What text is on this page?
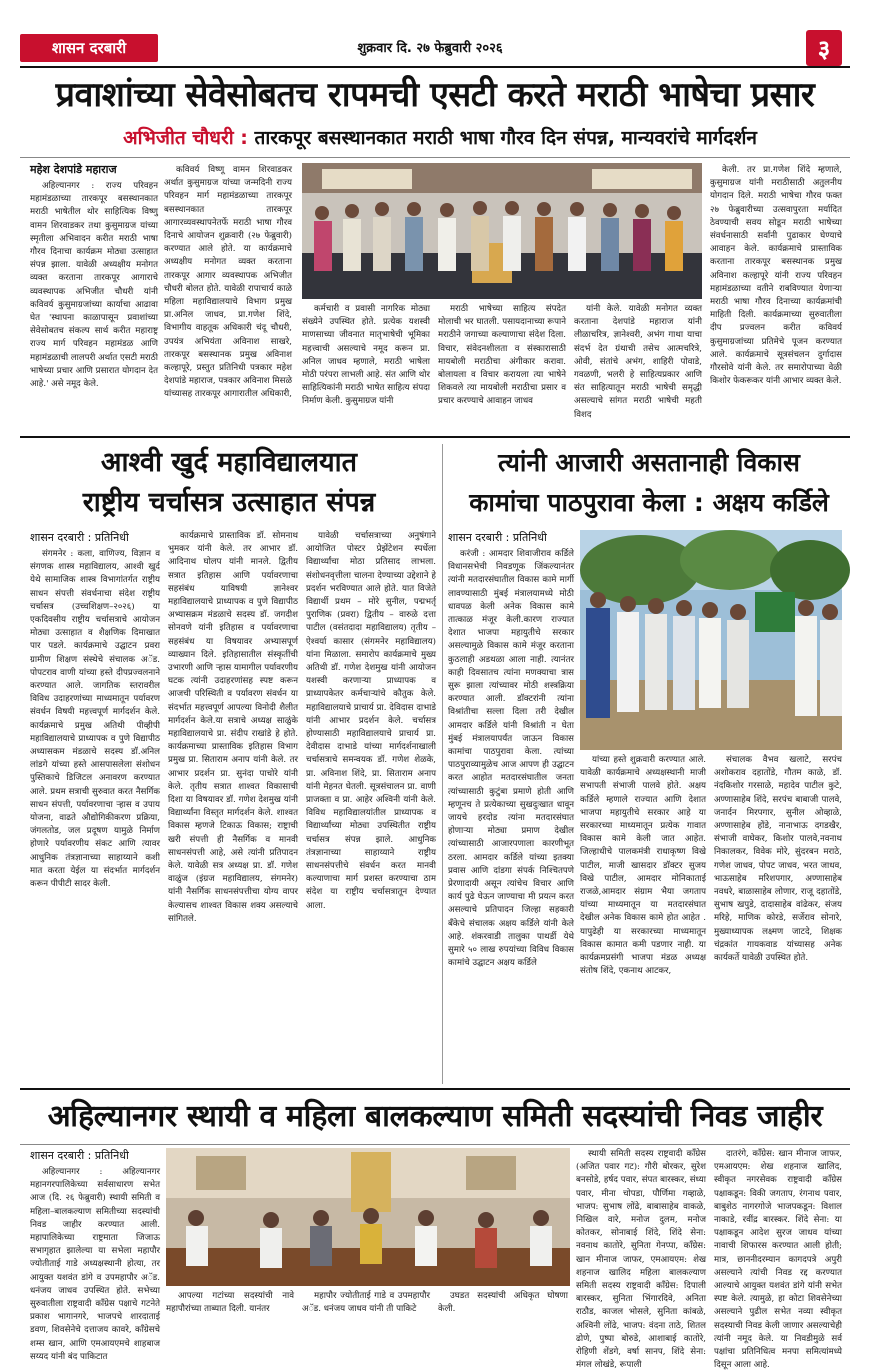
शासन दरबारी	शुक्रवार दि. २७ फेब्रुवारी २०२६	३
प्रवाशांच्या सेवेसोबतच रापमची एसटी करते मराठी भाषेचा प्रसार
अभिजीत चौधरी : तारकपूर बसस्थानकात मराठी भाषा गौरव दिन संपन्न, मान्यवरांचे मार्गदर्शन
महेश देशपांडे महाराज

अहिल्यानगर : राज्य परिवहन महामंडळाच्या तारकपूर बसस्थानकात मराठी भाषेतील थोर साहित्यिक विष्णु वामन शिरवाडकर तथा कुसुमाग्रज यांच्या स्मृतीला अभिवादन करीत मराठी भाषा गौरव दिनाचा कार्यक्रम मोठ्या उत्साहात संपन्न झाला. यावेळी अध्यक्षीय मनोगत व्यक्त करताना तारकपूर आगाराचे व्यवस्थापक अभिजीत चौधरी यांनी कविवर्य कुसुमाग्रजांच्या कार्याचा आढावा घेत 'स्थापना काळापासून प्रवाशांच्या सेवेसोबतच संकल्प सार्थ करीत महाराष्ट्र राज्य मार्ग परिवहन महामंडळ आणि महामंडळाची लालपरी अर्थात एसटी मराठी भाषेच्या प्रचार आणि प्रसारात योगदान देत आहे.' असे नमूद केले.

कविवर्य विष्णू वामन शिरवाडकर अर्थात कुसुमाग्रज यांच्या जन्मदिनी राज्य परिवहन मार्ग महामंडळाच्या तारकपूर बसस्थानकात तारकपूर आगारव्यवस्थापनेतर्फे मराठी भाषा गौरव दिनाचे आयोजन शुक्रवारी (२७ फेब्रुवारी) करण्यात आले होते. या कार्यक्रमाचे अध्यक्षीय मनोगत व्यक्त करताना तारकपूर आगार व्यवस्थापक अभिजीत चौधरी बोलत होते. यावेळी रापाचार्य काळे महिला महाविद्यालयाचे विभाग प्रमुख प्रा.अनिल जाधव, प्रा.गणेश शिंदे, विभागीय वाहतूक अधिकारी चंदू चौधरी, उपयंत्र अभियंता अविनाश साखरे, तारकपूर बसस्थानक प्रमुख अविनाश कल्हापूरे, प्रस्तुत प्रतिनिधी पत्रकार महेश देशपांडे महाराज, पत्रकार अविनाश मिसळे यांच्यासह तारकपूर आगारातील अधिकारी,

कर्मचारी व प्रवासी नागरिक मोठ्या संख्येने उपस्थित होते. प्रत्येक यशस्वी माणसाच्या जीवनात मातृभाषेची भूमिका महत्त्वाची असल्याचे नमूद करून प्रा. अनिल जाधव म्हणाले, मराठी भाषेला मोठी परंपरा लाभली आहे. संत आणि थोर साहित्यिकांनी मराठी भाषेत साहित्य संपदा निर्माण केली. कुसुमाग्रज यांनी

मराठी भाषेच्या साहित्य संपदेत मोलाची भर घातली. पसायदानाच्या रूपाने मराठीने जगाच्या कल्याणाचा संदेश दिला. विचार, संवेदनशीलता व संस्कारासाठी मायबोली मराठीचा अंगीकार करावा. बोलायला व विचार करायला त्या भाषेने शिकवले त्या मायबोली मराठीचा प्रसार व प्रचार करण्याचे आवाहन जाधव

यांनी केले. यावेळी मनोगत व्यक्त करताना देशपांडे महाराज यांनी लीळाचरित्र, ज्ञानेश्वरी, अभंग गाथा याचा संदर्भ देत ग्रंथाची तसेच आत्मचरित्रे, ओवी, संतांचे अभंग, शाहिरी पोवाडे, गवळणी, भलरी हे साहित्यप्रकार आणि संत साहित्यातून मराठी भाषेची समृद्धी असल्याचे सांगत मराठी भाषेची महती विशद

केली. तर प्रा.गणेश शिंदे म्हणाले, कुसुमाग्रज यांनी मराठीसाठी अतुलनीय योगदान दिले. मराठी भाषेचा गौरव फक्त २७ फेब्रुवारीच्या उत्सवापुरता मर्यादित ठेवण्याची सवय सोडून मराठी भाषेच्या संवर्धनासाठी सर्वांनी पुढाकार घेण्याचे आवाहन केले. कार्यक्रमाचे प्रास्ताविक करताना तारकपूर बसस्थानक प्रमुख अविनाश कल्हापूरे यांनी राज्य परिवहन महामंडळाच्या वतीने राबविण्यात येणाऱ्या मराठी भाषा गौरव दिनाच्या कार्यक्रमांची माहिती दिली. कार्यक्रमाच्या सुरुवातीला दीप प्रज्वलन करीत कविवर्य कुसुमाग्रजांच्या प्रतिमेचे पूजन करण्यात आले. कार्यक्रमाचे सूत्रसंचलन दुर्गादास गौरसोवे यांनी केले. तर समारोपाच्या वेळी किशोर फेकरूकर यांनी आभार व्यक्त केले.

आश्वी खुर्द महाविद्यालयात
राष्ट्रीय चर्चासत्र उत्साहात संपन्न
शासन दरबारी : प्रतिनिधी

संगमनेर : कला, वाणिज्य, विज्ञान व संगणक शास्त्र महाविद्यालय, आश्वी खुर्द येथे सामाजिक शास्त्र विभागांतर्गत राष्ट्रीय साधन संपत्ती संवर्धनाचा संदेश राष्ट्रीय चर्चासत्र (उच्चशिक्षण–२०२६) या एकदिवसीय राष्ट्रीय चर्चासत्राचे आयोजन मोठ्या उत्साहात व शैक्षणिक दिमाखात पार पडले. कार्यक्रमाचे उद्घाटन प्रवरा ग्रामीण शिक्षण संस्थेचे संचालक अॅड. पोपटराव वाणी यांच्या हस्ते दीपप्रज्वलनाने करण्यात आले. जागतिक स्तरावरील विविध उदाहरणांच्या माध्यमातून पर्यावरण संवर्धन विषयी महत्त्वपूर्ण मार्गदर्शन केले. कार्यक्रमाचे प्रमुख अतिथी पीव्हीपी महाविद्यालयाचे प्राध्यापक व पुणे विद्यापीठ अध्यासकम मंडळाचे सदस्य डॉ.अनिल लांडगे यांच्या हस्ते आसपासलेला संशोधन पुस्तिकाचे डिजिटल अनावरण करण्यात आले. प्रथम सत्राची सुरुवात करत नैसर्गिक साधन संपत्ती, पर्यावरणाचा ऱ्हास व उपाय योजना, वाढते औद्योगिकीकरण प्रक्रिया, जंगलतोड, जल प्रदूषण यामुळे निर्माण होणारे पर्यावरणीय संकट आणि त्यावर आधुनिक तंत्रज्ञानाच्या साहाय्याने कशी मात करता येईल या संदर्भात मार्गदर्शन करून पीपीटी सादर केली.

कार्यक्रमाचे प्रास्ताविक डॉ. सोमनाथ भुमकर यांनी केले. तर आभार डॉ. आदिनाथ घोलप यांनी मानले. द्वितीय सत्रात इतिहास आणि पर्यावरणाचा सहसंबंध याविषयी ज्ञानेश्वर महाविद्यालयाचे प्राध्यापक व पुणे विद्यापीठ अभ्यासक्रम मंडळाचे सदस्य डॉ. जगदीश सोनवणे यांनी इतिहास व पर्यावरणाचा सहसंबंध या विषयावर अभ्यासपूर्ण व्याख्यान दिले. इतिहासातील संस्कृतींची उभारणी आणि ऱ्हास यामागील पर्यावरणीय घटक त्यांनी उदाहरणांसह स्पष्ट करून आजची परिस्थिती व पर्यावरण संवर्धन या संदर्भात महत्त्वपूर्ण आपल्या विनोदी शैलीत मार्गदर्शन केले.या सत्राचे अध्यक्ष साळुंके महाविद्यालयाचे प्रा. संदीप राखांडे हे होते. कार्यक्रमाच्या प्रास्ताविक इतिहास विभाग प्रमुख प्रा. सिताराम अनाप यांनी केले. तर आभार प्रदर्शन प्रा. सुनंदा पाचोरे यांनी केले. तृतीय सत्रात शाश्वत विकासाची दिशा या विषयावर डॉ. गणेश देशमुख यांनी विद्यार्थ्यांना विस्तृत मार्गदर्शन केले. शाश्वत विकास म्हणजे टिकाऊ विकास; राष्ट्राची खरी संपत्ती ही नैसर्गिक व मानवी साधनसंपत्ती आहे, असे त्यांनी प्रतिपादन केले. यावेळी सत्र अध्यक्ष प्रा. डॉ. गणेश वाळुंज (इंग्रज महाविद्यालय, संगमनेर) यांनी नैसर्गिक साधनसंपत्तीचा योग्य वापर केल्यासच शाश्वत विकास शक्य असल्याचे सांगितले.

यावेळी चर्चासत्राच्या अनुषंगाने आयोजित पोस्टर प्रेझेंटेशन स्पर्धेला विद्यार्थ्यांचा मोठा प्रतिसाद लाभला. संशोधनवृत्तीला चालना देण्याच्या उद्देशाने हे प्रदर्शन भरविण्यात आले होते. यात विजेते विद्यार्थी प्रथम – मोरे सुनील, पद्मभर्तृ पुराणिक (प्रवरा) द्वितीय – वारुळे दत्ता पाटील (वसंतदादा महाविद्यालय) तृतीय – ऐश्वर्या कासार (संगमनेर महाविद्यालय) यांना मिळाला. समारोप कार्यक्रमाचे मुख्य अतिथी डॉ. गणेश देशमुख यांनी आयोजन यशस्वी करणाऱ्या प्राध्यापक व प्राध्यापकेतर कर्मचाऱ्यांचे कौतुक केले. महाविद्यालयाचे प्राचार्य प्रा. देविदास दाभाडे यांनी आभार प्रदर्शन केले. चर्चासत्र होण्यासाठी महाविद्यालयाचे प्राचार्य प्रा. देवीदास दाभाडे यांच्या मार्गदर्शनाखाली चर्चासत्राचे समन्वयक डॉ. गणेश शेळके, प्रा. अविनाश शिंदे, प्रा. सिताराम अनाप यांनी मेहनत घेतली. सूत्रसंचालन प्रा. वाणी प्राजक्ता व प्रा. आहेर अश्विनी यांनी केले. विविध महाविद्यालयांतील प्राध्यापक व विद्यार्थ्यांच्या मोठ्या उपस्थितीत राष्ट्रीय चर्चासत्र संपन्न झाले. आधुनिक तंत्रज्ञानाच्या साहाय्याने राष्ट्रीय साधनसंपत्तीचे संवर्धन करत मानवी कल्याणाचा मार्ग प्रशस्त करण्याचा ठाम संदेश या राष्ट्रीय चर्चासत्रातून देण्यात आला.

त्यांनी आजारी असतानाही विकास
कामांचा पाठपुरावा केला : अक्षय कर्डिले
शासन दरबारी : प्रतिनिधी

करंजी : आमदार शिवाजीराव कर्डिले विधानसभेची निवडणूक जिंकल्यानंतर त्यांनी मतदारसंघातील विकास कामे मार्गी लावण्यासाठी मुंबई मंत्रालयामध्ये मोठी धावपळ केली अनेक विकास कामे तात्काळ मंजूर केली.कारण राज्यात देशात भाजपा महायुतीचे सरकार असल्यामुळे विकास कामे मंजूर करताना कुठलाही अडथळा आला नाही. त्यानंतर काही दिवसातच त्यांना मणक्याचा त्रास सुरू झाला त्यांच्यावर मोठी शस्त्रक्रिया करण्यात आली. डॉक्टरांनी त्यांना विश्रांतीचा सल्ला दिला तरी देखील आमदार कर्डिले यांनी विश्रांती न घेता मुंबई मंत्रालयापर्यंत जाऊन विकास कामांचा पाठपुरावा केला. त्यांच्या पाठपुराव्यामुळेच आज आपण ही उद्घाटन करत आहोत मतदारसंघातील जनता त्यांच्यासाठी कुटुंबा प्रमाणे होती आणि म्हणूनच ते प्रत्येकाच्या सुखदुःखात धावून जायचे हरदोड त्यांना मतदारसंघात होणाऱ्या मोठ्या प्रमाण देखील त्यांच्यासाठी आजारपणाला कारणीभूत ठरला. आमदार कर्डिले यांच्या इतक्या प्रवास आणि दांडगा संपर्क निश्चितपणे प्रेरणादायी असून त्यांचेच विचार आणि कार्य पुढे घेऊन जाण्याचा मी प्रयत्न करत असल्याचे प्रतिपादन जिल्हा सहकारी बँकेचे संचालक अक्षय कर्डिले यांनी केले आहे. शंकरवाडी तालुका पाथर्डी येथे सुमारे ५० लाख रुपयांच्या विविध विकास कामांचे उद्घाटन अक्षय कर्डिले

यांच्या हस्ते शुक्रवारी करण्यात आले. यावेळी कार्यक्रमाचे अध्यक्षस्थानी माजी सभापती संभाजी पालवे होते. अक्षय कर्डिले म्हणाले राज्यात आणि देशात भाजपा महायुतीचे सरकार आहे या सरकारच्या माध्यमातून प्रत्येक गावात विकास कामे केली जात आहेत. जिल्हाधीचे पालकमंत्री राधाकृष्ण विखे पाटील, माजी खासदार डॉक्टर सुजय विखे पाटील, आमदार मोनिकाताई राजळे,आमदार संग्राम भैया जगताप यांच्या माध्यमातून या मतदारसंघात देखील अनेक विकास कामे होत आहेत . यापुढेही या सरकारच्या माध्यमातून विकास कामात कमी पडणार नाही. या कार्यक्रमप्रसंगी भाजपा मंडळ अध्यक्ष संतोष शिंदे, एकनाथ आटकर,

संचालक वैभव खलाटे, सरपंच अशोकराव दहातोंडे, गौतम काळे, डॉ. नंदकिशोर गरसाळे, महादेव पाटील कुटे, अण्णासाहेब शिंदे, सरपंच बाबाजी पालवे, जनार्दन मिरपगार, सुनील ओव्हाळे, अण्णासाहेब होंडे, नानाभाऊ दगडखैर, संभाजी वाघेकर, किशोर पालवे,नवनाथ निकालकर, विवेक मोरे, सुंदरबन मराठे, गणेश जाधव, पोपट जाधव, भरत जाधव, भाऊसाहेब मरिशपगार, अण्णासाहेब नवधरे, बाळासाहेब लोणार, राजू दहातोंडे, सुभाष खपुडे, दादासाहेब वांढेकर, संजय मरिहे, माणिक कोरडे, सर्जेराव सोनारे, मुख्याध्यापक लक्ष्मण जाटदे, शिक्षक चंद्रकांत गायकवाड यांच्यासह अनेक कार्यकर्ते यावेळी उपस्थित होते.

अहिल्यानगर स्थायी व महिला बालकल्याण समिती सदस्यांची निवड जाहीर
शासन दरबारी : प्रतिनिधी

अहिल्यानगर : अहिल्यानगर महानगरपालिकेच्या सर्वसाधारण सभेत आज (दि. २६ फेब्रुवारी) स्थायी समिती व महिला–बालकल्याण समितीच्या सदस्यांची निवड जाहीर करण्यात आली. महापालिकेच्या राष्ट्रमाता जिजाऊ सभागृहात झालेल्या या सभेला महापौर ज्योतीताई गाडे अध्यक्षस्थानी होत्या, तर आयुक्त यशवंत डांगे व उपमहापौर अॅड. धनंजय जाधव उपस्थित होते. सभेच्या सुरुवातीला राष्ट्रवादी काँग्रेस पक्षाचे गटनेते प्रकाश भागानगरे, भाजपचे शारदाताई डवण, शिवसेनेचे दत्ताजय कावरे, काँग्रेसचे शम्स खान, आणि एमआयएमचे शाहबाज सय्यद यांनी बंद पाकिटात

आपल्या गटांच्या सदस्यांची नावे महापौरांच्या ताब्यात दिली. यानंतर

महापौर ज्योतीताई गाडे व उपमहापौर अॅड. धनंजय जाधव यांनी ती पाकिटे

उघडत सदस्यांची अधिकृत घोषणा केली.

स्थायी समिती सदस्य राष्ट्रवादी काँग्रेस (अजित पवार गट): गौरी बोरकर, सुरेश बनसोडे, हर्षद पवार, संपत बारस्कर, संध्या पवार, मीना चोपडा, पौर्णिमा गव्हाळे, भाजप: सुभाष लोंढे, बाबासाहेब वाकळे, निखिल वारे, मनोज दुलम, मनोज कोतकर, सोनाबाई शिंदे, शिंदे सेना: नवनाथ कातोरे, सुनिता गेनप्पा, काँग्रेस: खान मीनाज जाफर, एमआयएम: शेख शहनाज खालिद महिला बालकल्याण समिती सदस्य राष्ट्रवादी काँग्रेस: दिपाली बारस्कर, सुनिता भिंगारदिवे, अनिता राठौड, काजल भोसले, सुनिता कांबळे, अश्विनी लोंढे, भाजप: वंदना ताठे, शितल ढोणे, पुष्पा बोरुडे, आशाबाई कातोरे, रोहिणी शेंडगे, वर्षा सानप, शिंदे सेना: मंगल लोखंडे, रूपाली

दातरंगे, काँग्रेस: खान मीनाज जाफर, एमआयएम: शेख शहनाज खालिद, स्वीकृत नगरसेवक राष्ट्रवादी काँग्रेस पक्षाकडून: विकी जगताप, रंगनाथ पवार, बाबुशेठ नागरगोजे भाजपकडून: विशाल नाकाडे, रवींद्र बारस्कर. शिंदे सेना: या पक्षाकडून आदेश सुरज जाधव यांच्या नावाची शिफारस करण्यात आली होती; मात्र, छाननीदरम्यान कागदपत्रे अपुरी असल्याने त्यांची निवड रद्द करण्यात आल्याचे आयुक्त यशवंत डांगे यांनी सभेत स्पष्ट केले. त्यामुळे, हा कोटा शिवसेनेच्या असल्याने पुढील सभेत नव्या स्वीकृत सदस्याची निवड केली जाणार असल्याचेही त्यांनी नमूद केले. या निवडीमुळे सर्व पक्षांचा प्रतिनिधित्व मनपा समित्यांमध्ये दिसून आला आहे.
